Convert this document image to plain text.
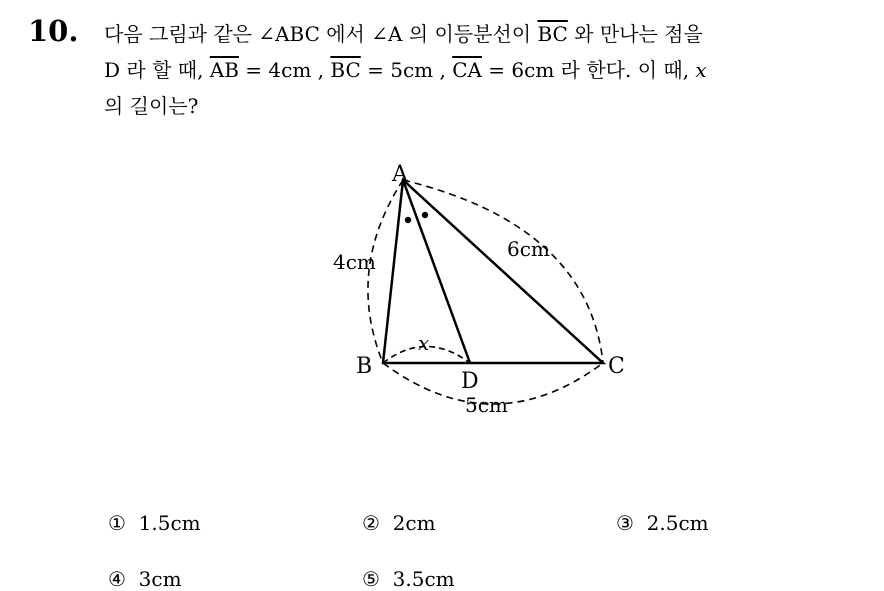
10. 다음 그림과 같은 ∠ABC 에서 ∠A 의 이등분선이 $\overline{BC}$ 와 만나는 점을
D 라 할 때, $\overline{AB} = 4cm$ , $\overline{BC} = 5cm$ , $\overline{CA} = 6cm$ 라 한다. 이 때, x
의 길이는?
A
B	C
D
4cm
6cm
5cm
x
① 1.5cm	② 2cm	③ 2.5cm
④ 3cm	⑤ 3.5cm
